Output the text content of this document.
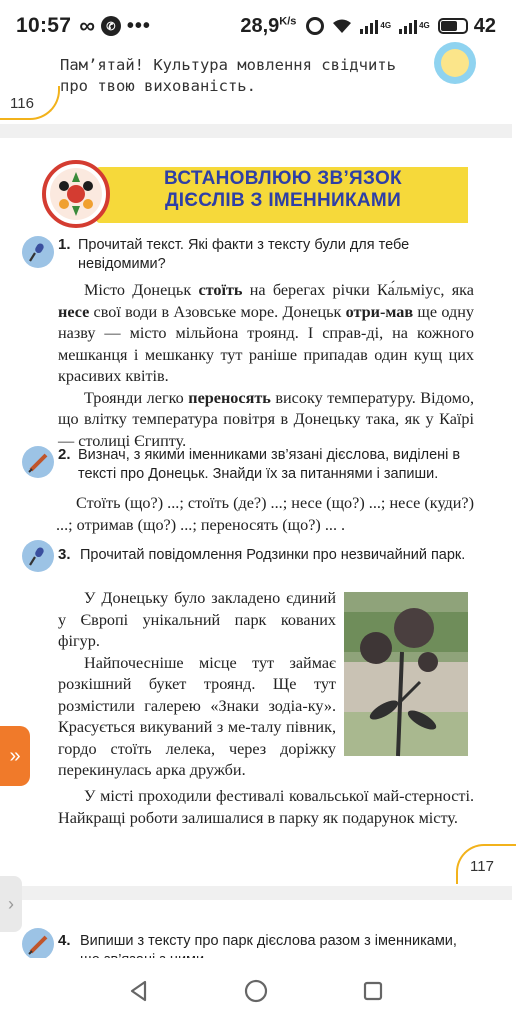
10:57 ∞	✆ •••	$28,9^{K/s}$	4G	4G 42
Пам’ятай! Культура мовлення свідчить про твою вихованість.
116
ВСТАНОВЛЮЮ ЗВ’ЯЗОК
ДІЄСЛІВ З ІМЕННИКАМИ
1. Прочитай текст. Які факти з тексту були для тебе невідомими?

Місто Донецьк стоїть на берегах річки Ка́льміус, яка несе свої води в Азовське море. Донецьк отри-мав ще одну назву — місто мільйона троянд. І справ-ді, на кожного мешканця і мешканку тут раніше припадав один кущ цих красивих квітів.

Троянди легко переносять високу температуру. Відомо, що влітку температура повітря в Донецьку така, як у Каїрі — столиці Єгипту.

2. Визнач, з якими іменниками зв’язані дієслова, виділені в тексті про Донецьк. Знайди їх за питаннями і запиши.

Стоїть (що?) ...; стоїть (де?) ...; несе (що?) ...; несе (куди?) ...; отримав (що?) ...; переносять (що?) ... .

3. Прочитай повідомлення Родзинки про незвичайний парк.

У Донецьку було закладено єдиний у Європі унікальний парк кованих фігур.

Найпочесніше місце тут займає розкішний букет троянд. Ще тут розмістили галерею «Знаки зодіа-ку». Красується викуваний з ме-талу півник, гордо стоїть лелека, через доріжку перекинулась арка дружби.

У місті проходили фестивалі ковальської май-стерності. Найкращі роботи залишалися в парку як подарунок місту.

»
117
›
4. Випиши з тексту про парк дієслова разом з іменниками,
